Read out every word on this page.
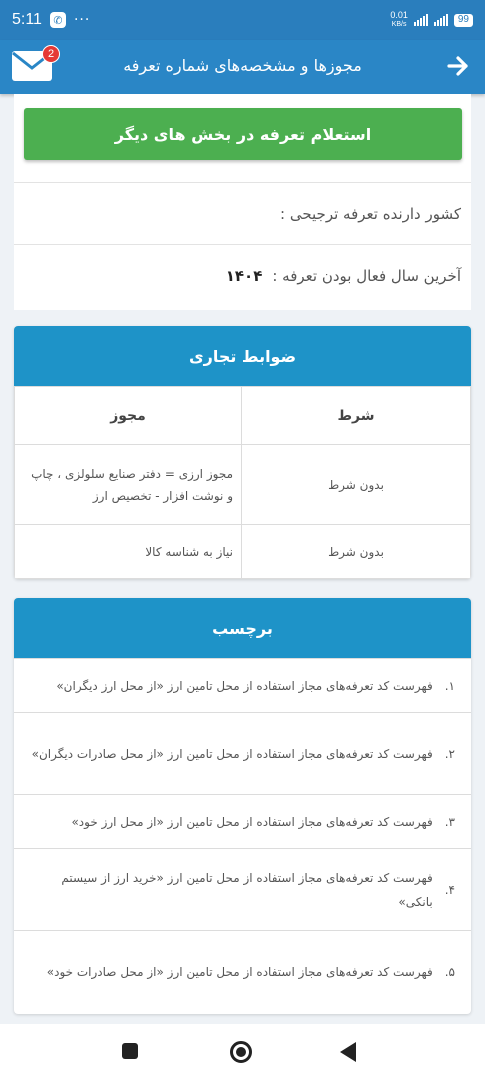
5:11	✆ ···	0.01
KB/s	99
2
مجوزها و مشخصه‌های شماره تعرفه
استعلام تعرفه در بخش های دیگر
کشور دارنده تعرفه ترجیحی :
آخرین سال فعال بودن تعرفه :
۱۴۰۴
ضوابط تجاری
شرط	مجوز
بدون شرط	مجوز ارزی = دفتر صنایع سلولزی ، چاپ و نوشت افزار - تخصیص ارز
بدون شرط	نیاز به شناسه کالا
برچسب
۱.
فهرست کد تعرفه‌های مجاز استفاده از محل تامین ارز «از محل ارز دیگران»
۲.
فهرست کد تعرفه‌های مجاز استفاده از محل تامین ارز «از محل صادرات دیگران»
۳.
فهرست کد تعرفه‌های مجاز استفاده از محل تامین ارز «از محل ارز خود»
۴.
فهرست کد تعرفه‌های مجاز استفاده از محل تامین ارز «خرید ارز از سیستم بانکی»
۵.
فهرست کد تعرفه‌های مجاز استفاده از محل تامین ارز «از محل صادرات خود»
